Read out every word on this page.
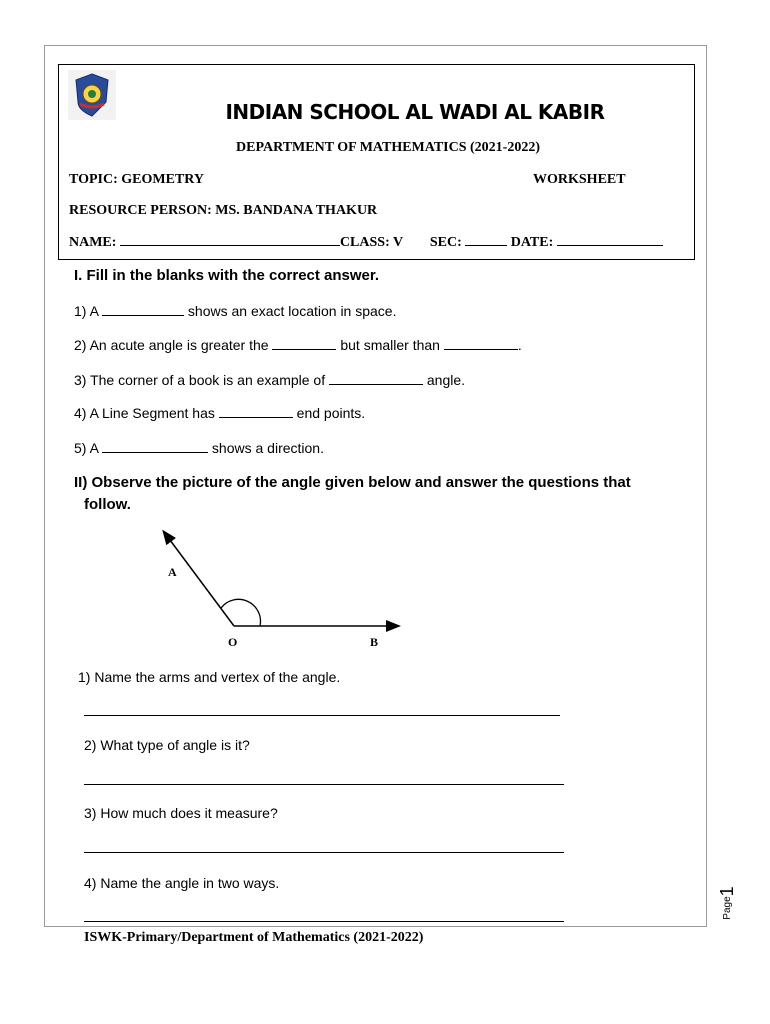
INDIAN SCHOOL AL WADI AL KABIR
DEPARTMENT OF MATHEMATICS (2021-2022)
TOPIC: GEOMETRY	WORKSHEET
RESOURCE PERSON: MS. BANDANA THAKUR
NAME:	CLASS: V SEC:	DATE:
I. Fill in the blanks with the correct answer.
1) A	shows an exact location in space.
2) An acute angle is greater the	but smaller than	.
3) The corner of a book is an example of	angle.
4) A Line Segment has	end points.
5) A	shows a direction.
II) Observe the picture of the angle given below and answer the questions that
follow.
A
O	B
1) Name the arms and vertex of the angle.
2) What type of angle is it?
3) How much does it measure?
4) Name the angle in two ways.
ISWK-Primary/Department of Mathematics (2021-2022)
Page
1
